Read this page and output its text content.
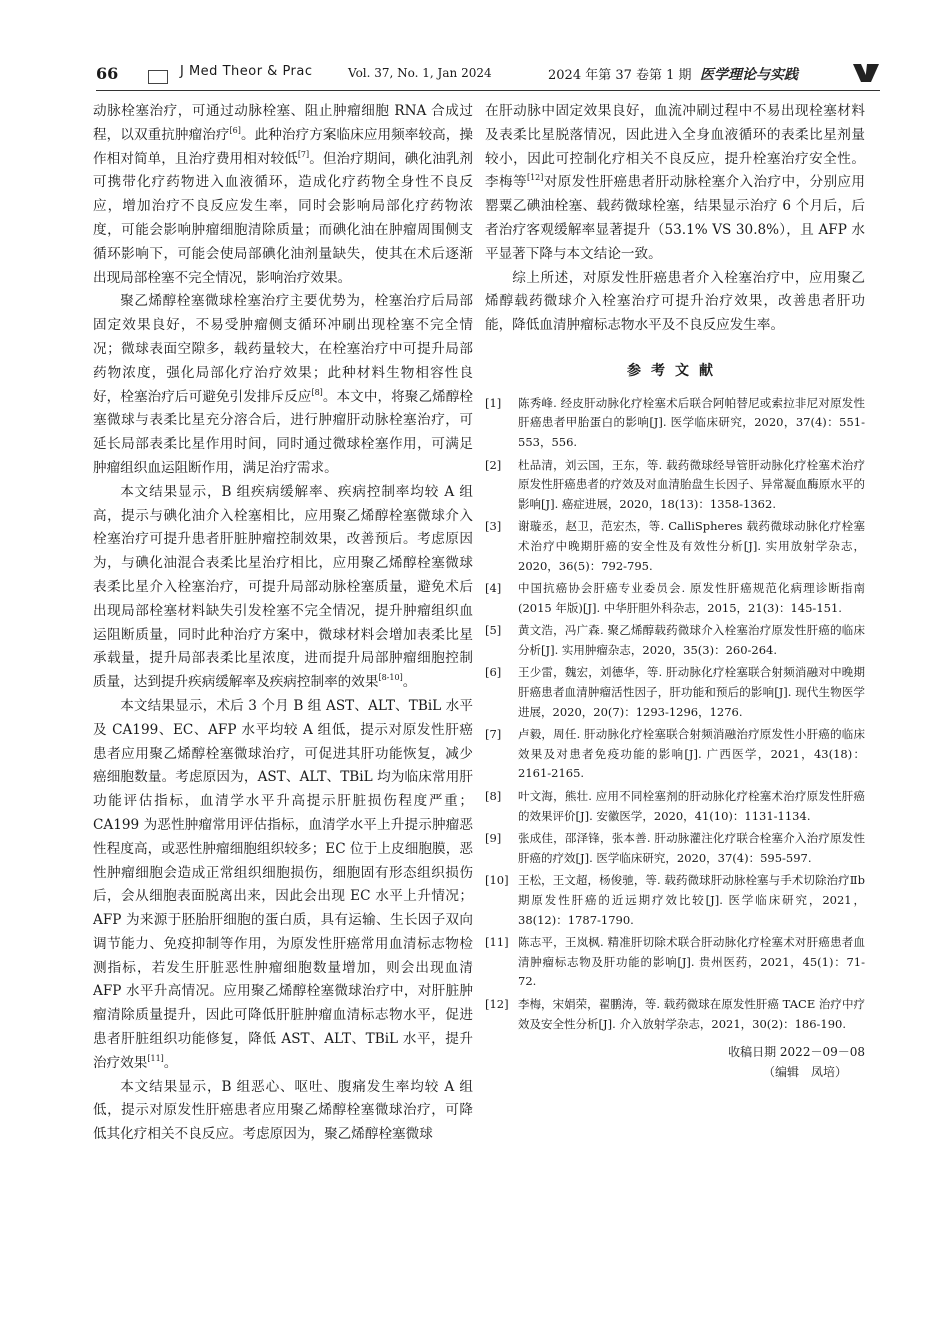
66	J Med Theor & Prac	Vol. 37, No. 1, Jan 2024	2024 年第 37 卷第 1 期 医学理论与实践

动脉栓塞治疗，可通过动脉栓塞、阻止肿瘤细胞 RNA 合成过程，以双重抗肿瘤治疗[6]。此种治疗方案临床应用频率较高，操作相对简单，且治疗费用相对较低[7]。但治疗期间，碘化油乳剂可携带化疗药物进入血液循环，造成化疗药物全身性不良反应，增加治疗不良反应发生率，同时会影响局部化疗药物浓度，可能会影响肿瘤细胞清除质量；而碘化油在肿瘤周围侧支循环影响下，可能会使局部碘化油剂量缺失，使其在术后逐渐出现局部栓塞不完全情况，影响治疗效果。

聚乙烯醇栓塞微球栓塞治疗主要优势为，栓塞治疗后局部固定效果良好，不易受肿瘤侧支循环冲刷出现栓塞不完全情况；微球表面空隙多，载药量较大，在栓塞治疗中可提升局部药物浓度，强化局部化疗治疗效果；此种材料生物相容性良好，栓塞治疗后可避免引发排斥反应[8]。本文中，将聚乙烯醇栓塞微球与表柔比星充分溶合后，进行肿瘤肝动脉栓塞治疗，可延长局部表柔比星作用时间，同时通过微球栓塞作用，可满足肿瘤组织血运阻断作用，满足治疗需求。

本文结果显示，B 组疾病缓解率、疾病控制率均较 A 组高，提示与碘化油介入栓塞相比，应用聚乙烯醇栓塞微球介入栓塞治疗可提升患者肝脏肿瘤控制效果，改善预后。考虑原因为，与碘化油混合表柔比星治疗相比，应用聚乙烯醇栓塞微球表柔比星介入栓塞治疗，可提升局部动脉栓塞质量，避免术后出现局部栓塞材料缺失引发栓塞不完全情况，提升肿瘤组织血运阻断质量，同时此种治疗方案中，微球材料会增加表柔比星承载量，提升局部表柔比星浓度，进而提升局部肿瘤细胞控制质量，达到提升疾病缓解率及疾病控制率的效果[8-10]。

本文结果显示，术后 3 个月 B 组 AST、ALT、TBiL 水平及 CA199、EC、AFP 水平均较 A 组低，提示对原发性肝癌患者应用聚乙烯醇栓塞微球治疗，可促进其肝功能恢复，减少癌细胞数量。考虑原因为，AST、ALT、TBiL 均为临床常用肝功能评估指标，血清学水平升高提示肝脏损伤程度严重；CA199 为恶性肿瘤常用评估指标，血清学水平上升提示肿瘤恶性程度高，或恶性肿瘤细胞组织较多；EC 位于上皮细胞膜，恶性肿瘤细胞会造成正常组织细胞损伤，细胞固有形态组织损伤后，会从细胞表面脱离出来，因此会出现 EC 水平上升情况；AFP 为来源于胚胎肝细胞的蛋白质，具有运输、生长因子双向调节能力、免疫抑制等作用，为原发性肝癌常用血清标志物检测指标，若发生肝脏恶性肿瘤细胞数量增加，则会出现血清 AFP 水平升高情况。应用聚乙烯醇栓塞微球治疗中，对肝脏肿瘤清除质量提升，因此可降低肝脏肿瘤血清标志物水平，促进患者肝脏组织功能修复，降低 AST、ALT、TBiL 水平，提升治疗效果[11]。

本文结果显示，B 组恶心、呕吐、腹痛发生率均较 A 组低，提示对原发性肝癌患者应用聚乙烯醇栓塞微球治疗，可降低其化疗相关不良反应。考虑原因为，聚乙烯醇栓塞微球

在肝动脉中固定效果良好，血流冲刷过程中不易出现栓塞材料及表柔比星脱落情况，因此进入全身血液循环的表柔比星剂量较小，因此可控制化疗相关不良反应，提升栓塞治疗安全性。李梅等[12]对原发性肝癌患者肝动脉栓塞介入治疗中，分别应用罂粟乙碘油栓塞、载药微球栓塞，结果显示治疗 6 个月后，后者治疗客观缓解率显著提升（53.1% VS 30.8%），且 AFP 水平显著下降与本文结论一致。

综上所述，对原发性肝癌患者介入栓塞治疗中，应用聚乙烯醇载药微球介入栓塞治疗可提升治疗效果，改善患者肝功能，降低血清肿瘤标志物水平及不良反应发生率。

参考文献
[1]	陈秀峰. 经皮肝动脉化疗栓塞术后联合阿帕替尼或索拉非尼对原发性肝癌患者甲胎蛋白的影响[J]. 医学临床研究，2020，37(4)：551-553，556.
[2]	杜品清，刘云国，王东，等. 载药微球经导管肝动脉化疗栓塞术治疗原发性肝癌患者的疗效及对血清胎盘生长因子、异常凝血酶原水平的影响[J]. 癌症进展，2020，18(13)：1358-1362.
[3]	谢璇丞，赵卫，范宏杰，等. CalliSpheres 载药微球动脉化疗栓塞术治疗中晚期肝癌的安全性及有效性分析[J]. 实用放射学杂志，2020，36(5)：792-795.
[4]	中国抗癌协会肝癌专业委员会. 原发性肝癌规范化病理诊断指南(2015 年版)[J]. 中华肝胆外科杂志，2015，21(3)：145-151.
[5]	黄文浩，冯广森. 聚乙烯醇载药微球介入栓塞治疗原发性肝癌的临床分析[J]. 实用肿瘤杂志，2020，35(3)：260-264.
[6]	王少雷，魏宏，刘德华，等. 肝动脉化疗栓塞联合射频消融对中晚期肝癌患者血清肿瘤活性因子，肝功能和预后的影响[J]. 现代生物医学进展，2020，20(7)：1293-1296，1276.
[7]	卢毅，周任. 肝动脉化疗栓塞联合射频消融治疗原发性小肝癌的临床效果及对患者免疫功能的影响[J]. 广西医学，2021，43(18)：2161-2165.
[8]	叶文海，熊壮. 应用不同栓塞剂的肝动脉化疗栓塞术治疗原发性肝癌的效果评价[J]. 安徽医学，2020，41(10)：1131-1134.
[9]	张成佳，邵泽锋，张本善. 肝动脉灌注化疗联合栓塞介入治疗原发性肝癌的疗效[J]. 医学临床研究，2020，37(4)：595-597.
[10] 王松，王文超，杨俊驰，等. 载药微球肝动脉栓塞与手术切除治疗Ⅱb 期原发性肝癌的近远期疗效比较[J]. 医学临床研究，2021，38(12)：1787-1790.
[11] 陈志平，王岚枫. 精准肝切除术联合肝动脉化疗栓塞术对肝癌患者血清肿瘤标志物及肝功能的影响[J]. 贵州医药，2021，45(1)：71-72.
[12] 李梅，宋娟荣，翟鹏涛，等. 载药微球在原发性肝癌 TACE 治疗中疗效及安全性分析[J]. 介入放射学杂志，2021，30(2)：186-190.
收稿日期 2022－09－08
（编辑　凤培）
